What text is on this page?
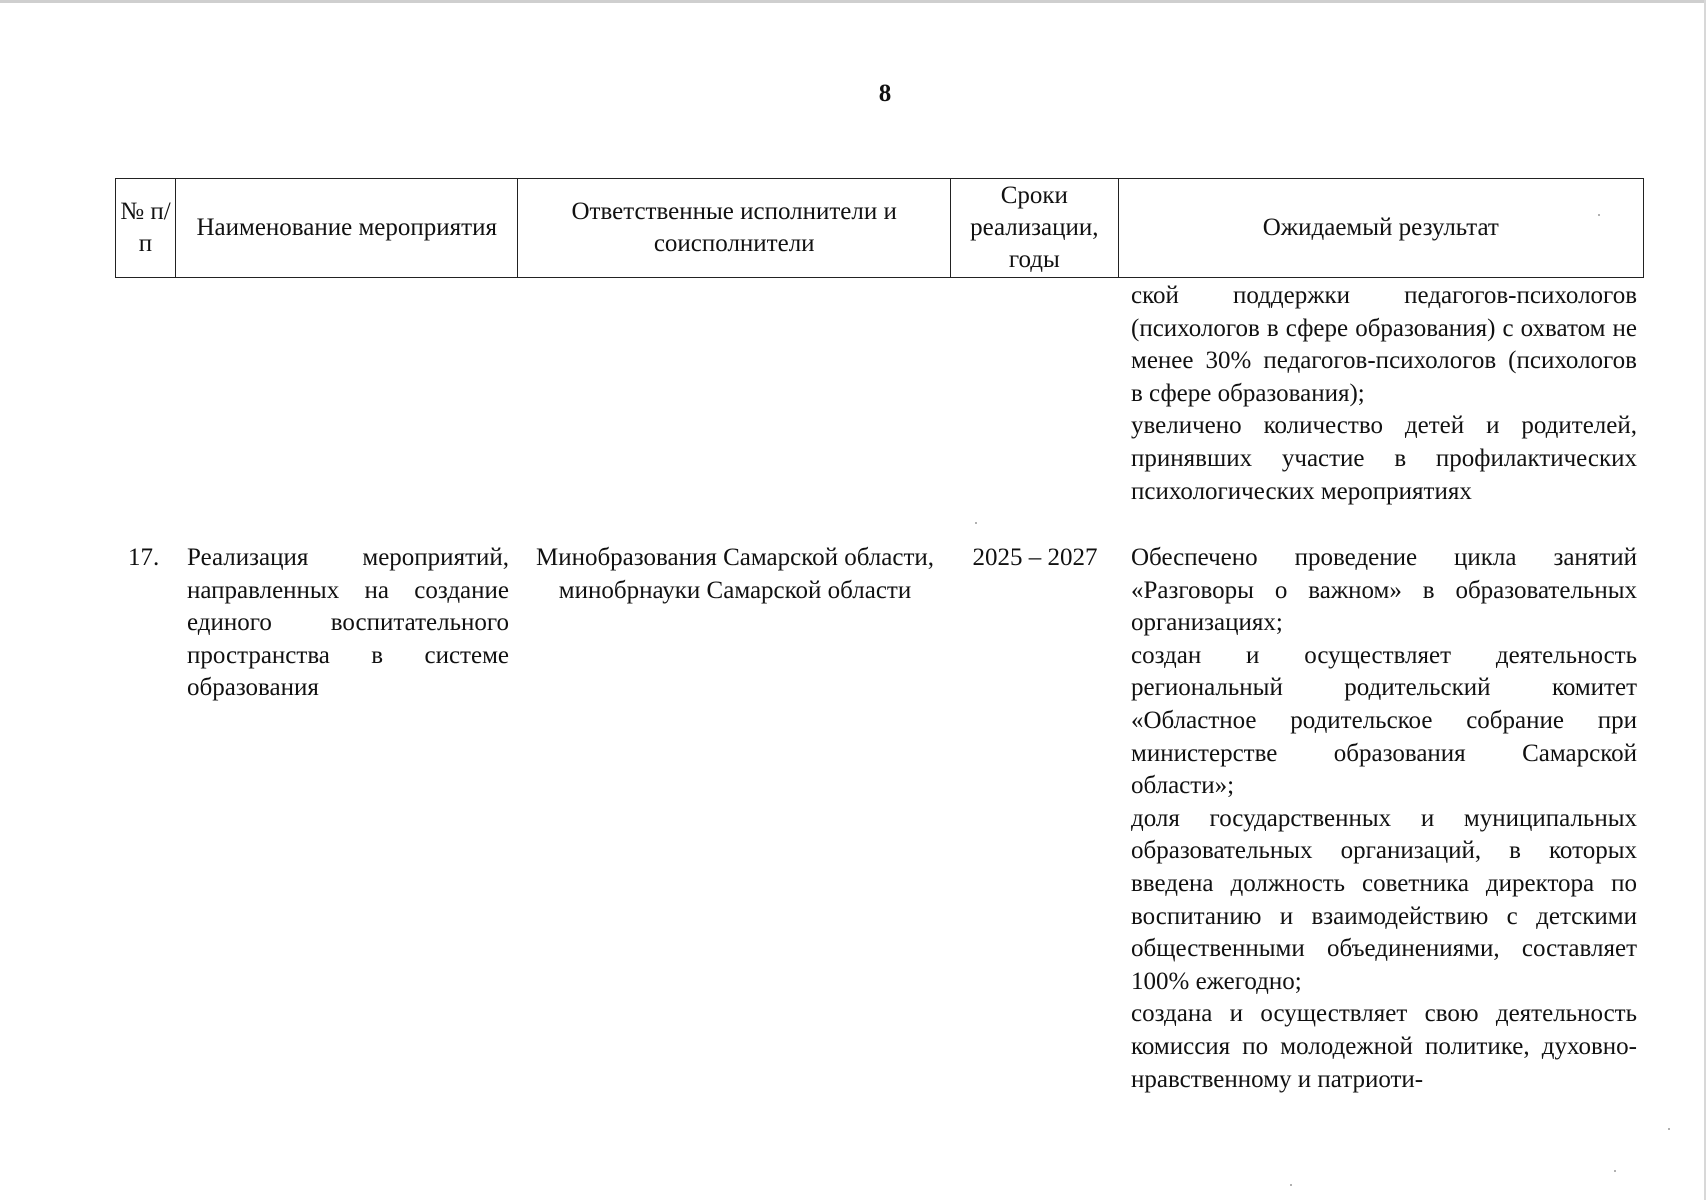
8
№ п/п
Наименование мероприятия
Ответственные исполнители и соисполнители
Сроки реализации, годы
Ожидаемый результат

ской поддержки педагогов-психологов (психологов в сфере образования) с охватом не менее 30% педагогов-психологов (психологов в сфере образования);

увеличено количество детей и родителей, принявших участие в профилактических психологических мероприятиях

17.	Реализация мероприятий, направленных на создание единого воспитательного пространства в системе образования
Минобразования Самарской области, минобрнауки Самарской области
2025 – 2027	Обеспечено проведение цикла занятий «Разговоры о важном» в образовательных организациях;

создан и осуществляет деятельность региональный родительский комитет «Областное родительское собрание при министерстве образования Самарской области»;

доля государственных и муниципальных образовательных организаций, в которых введена должность советника директора по воспитанию и взаимодействию с детскими общественными объединениями, составляет 100% ежегодно;

создана и осуществляет свою деятельность комиссия по молодежной политике, духовно-нравственному и патриоти-
